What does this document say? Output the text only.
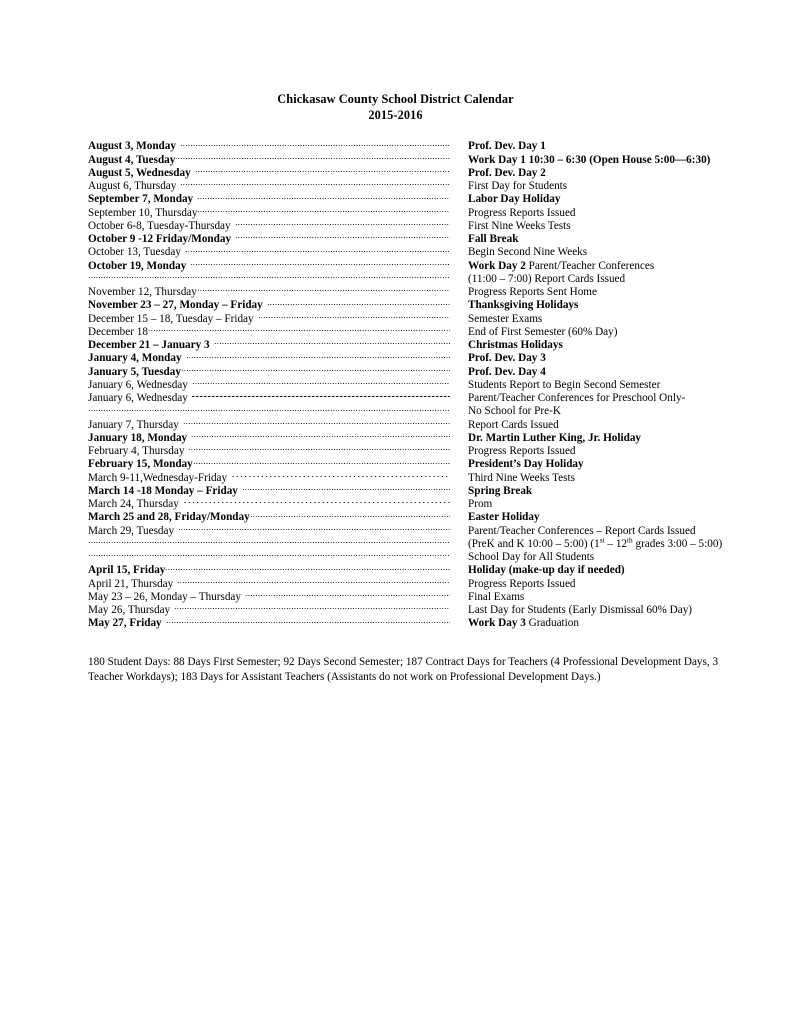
Chickasaw County School District Calendar
2015-2016
August 3, Monday	Prof. Dev. Day 1
August 4, Tuesday	Work Day 1 10:30 – 6:30 (Open House 5:00—6:30)
August 5, Wednesday	Prof. Dev. Day 2
August 6, Thursday	First Day for Students
September 7, Monday	Labor Day Holiday
September 10, Thursday	Progress Reports Issued
October 6-8, Tuesday-Thursday	First Nine Weeks Tests
October 9 -12 Friday/Monday	Fall Break
October 13, Tuesday	Begin Second Nine Weeks
October 19, Monday	Work Day 2 Parent/Teacher Conferences
(11:00 – 7:00) Report Cards Issued
November 12, Thursday	Progress Reports Sent Home
November 23 – 27, Monday – Friday	Thanksgiving Holidays
December 15 – 18, Tuesday – Friday	Semester Exams
December 18	End of First Semester (60% Day)
December 21 – January 3	Christmas Holidays
January 4, Monday	Prof. Dev. Day 3
January 5, Tuesday	Prof. Dev. Day 4
January 6, Wednesday	Students Report to Begin Second Semester
January 6, Wednesday	Parent/Teacher Conferences for Preschool Only-
No School for Pre-K
January 7, Thursday	Report Cards Issued
January 18, Monday	Dr. Martin Luther King, Jr. Holiday
February 4, Thursday	Progress Reports Issued
February 15, Monday	President’s Day Holiday
March 9-11,Wednesday-Friday	Third Nine Weeks Tests
March 14 -18 Monday – Friday	Spring Break
March 24, Thursday	Prom
March 25 and 28, Friday/Monday	Easter Holiday
March 29, Tuesday	Parent/Teacher Conferences – Report Cards Issued
(PreK and K 10:00 – 5:00) (1st – 12th grades 3:00 – 5:00)
School Day for All Students
April 15, Friday	Holiday (make-up day if needed)
April 21, Thursday	Progress Reports Issued
May 23 – 26, Monday – Thursday	Final Exams
May 26, Thursday	Last Day for Students (Early Dismissal 60% Day)
May 27, Friday	Work Day 3 Graduation
180 Student Days: 88 Days First Semester; 92 Days Second Semester; 187 Contract Days for Teachers (4 Professional Development Days, 3 Teacher Workdays); 183 Days for Assistant Teachers (Assistants do not work on Professional Development Days.)
